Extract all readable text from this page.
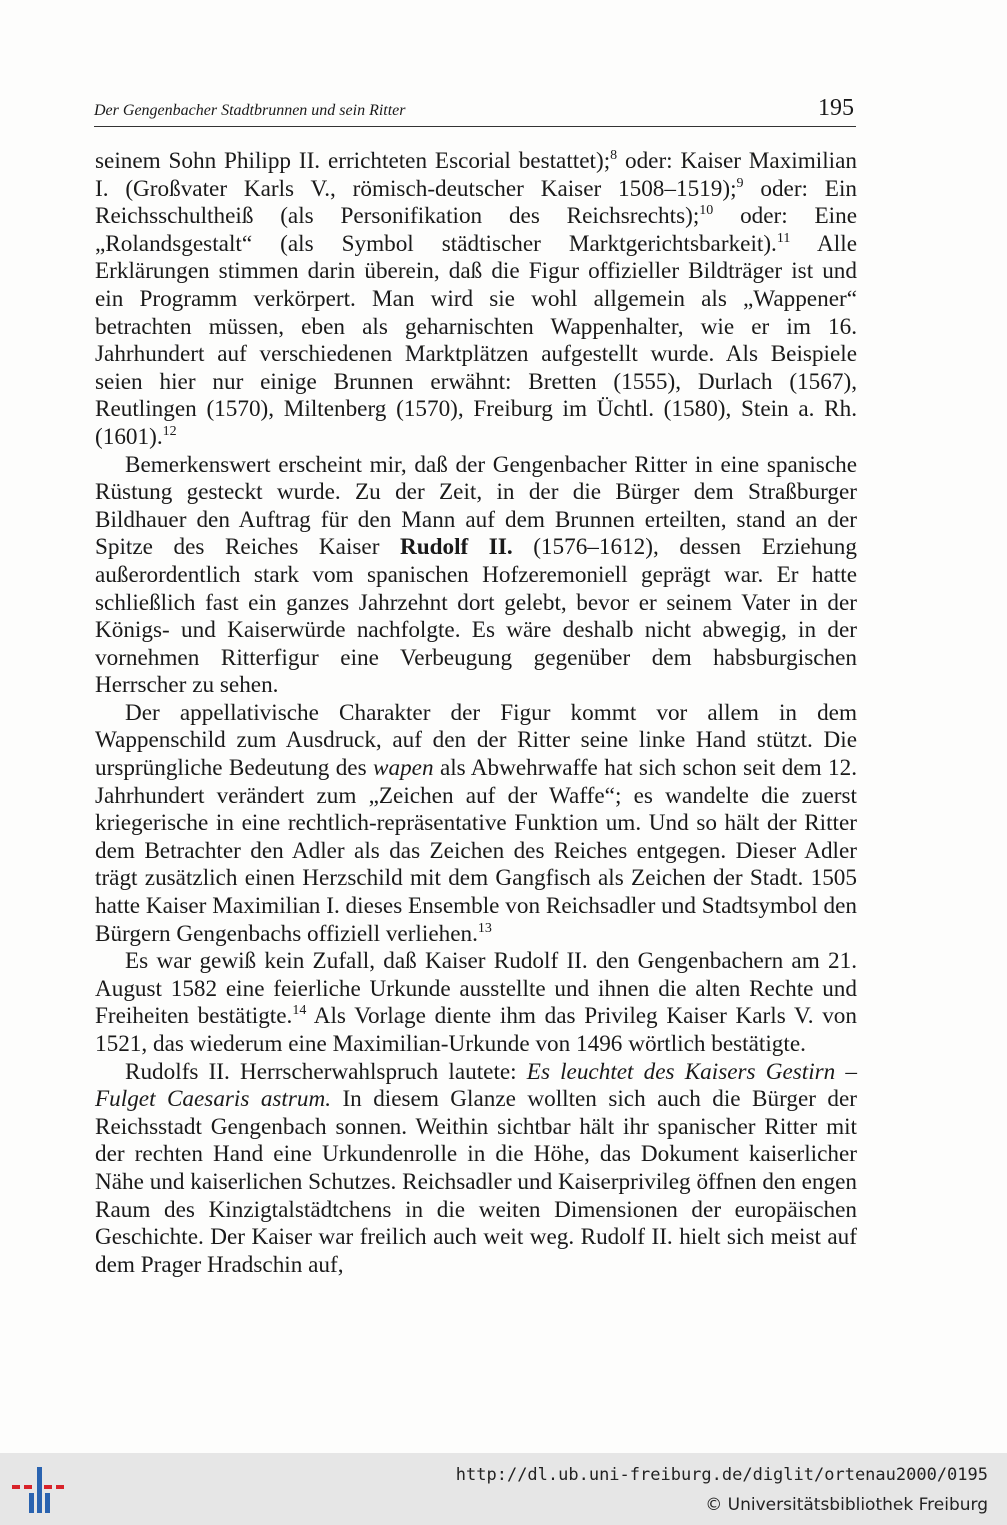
Der Gengenbacher Stadtbrunnen und sein Ritter	195

seinem Sohn Philipp II. errichteten Escorial bestattet);$^8$ oder: Kaiser Maximilian I. (Großvater Karls V., römisch-deutscher Kaiser 1508–1519);$^9$ oder: Ein Reichsschultheiß (als Personifikation des Reichsrechts);$^{10}$ oder: Eine „Rolandsgestalt“ (als Symbol städtischer Marktgerichtsbarkeit).$^{11}$ Alle Erklärungen stimmen darin überein, daß die Figur offizieller Bildträger ist und ein Programm verkörpert. Man wird sie wohl allgemein als „Wappener“ betrachten müssen, eben als geharnischten Wappenhalter, wie er im 16. Jahrhundert auf verschiedenen Marktplätzen aufgestellt wurde. Als Beispiele seien hier nur einige Brunnen erwähnt: Bretten (1555), Durlach (1567), Reutlingen (1570), Miltenberg (1570), Freiburg im Üchtl. (1580), Stein a. Rh. (1601).$^{12}$

Bemerkenswert erscheint mir, daß der Gengenbacher Ritter in eine spanische Rüstung gesteckt wurde. Zu der Zeit, in der die Bürger dem Straßburger Bildhauer den Auftrag für den Mann auf dem Brunnen erteilten, stand an der Spitze des Reiches Kaiser Rudolf II. (1576–1612), dessen Erziehung außerordentlich stark vom spanischen Hofzeremoniell geprägt war. Er hatte schließlich fast ein ganzes Jahrzehnt dort gelebt, bevor er seinem Vater in der Königs- und Kaiserwürde nachfolgte. Es wäre deshalb nicht abwegig, in der vornehmen Ritterfigur eine Verbeugung gegenüber dem habsburgischen Herrscher zu sehen.

Der appellativische Charakter der Figur kommt vor allem in dem Wappenschild zum Ausdruck, auf den der Ritter seine linke Hand stützt. Die ursprüngliche Bedeutung des wapen als Abwehrwaffe hat sich schon seit dem 12. Jahrhundert verändert zum „Zeichen auf der Waffe“; es wandelte die zuerst kriegerische in eine rechtlich-repräsentative Funktion um. Und so hält der Ritter dem Betrachter den Adler als das Zeichen des Reiches entgegen. Dieser Adler trägt zusätzlich einen Herzschild mit dem Gangfisch als Zeichen der Stadt. 1505 hatte Kaiser Maximilian I. dieses Ensemble von Reichsadler und Stadtsymbol den Bürgern Gengenbachs offiziell verliehen.$^{13}$

Es war gewiß kein Zufall, daß Kaiser Rudolf II. den Gengenbachern am 21. August 1582 eine feierliche Urkunde ausstellte und ihnen die alten Rechte und Freiheiten bestätigte.$^{14}$ Als Vorlage diente ihm das Privileg Kaiser Karls V. von 1521, das wiederum eine Maximilian-Urkunde von 1496 wörtlich bestätigte.

Rudolfs II. Herrscherwahlspruch lautete: Es leuchtet des Kaisers Gestirn – Fulget Caesaris astrum. In diesem Glanze wollten sich auch die Bürger der Reichsstadt Gengenbach sonnen. Weithin sichtbar hält ihr spanischer Ritter mit der rechten Hand eine Urkundenrolle in die Höhe, das Dokument kaiserlicher Nähe und kaiserlichen Schutzes. Reichsadler und Kaiserprivileg öffnen den engen Raum des Kinzigtalstädtchens in die weiten Dimensionen der europäischen Geschichte. Der Kaiser war freilich auch weit weg. Rudolf II. hielt sich meist auf dem Prager Hradschin auf,

http://dl.ub.uni-freiburg.de/diglit/ortenau2000/0195
© Universitätsbibliothek Freiburg
